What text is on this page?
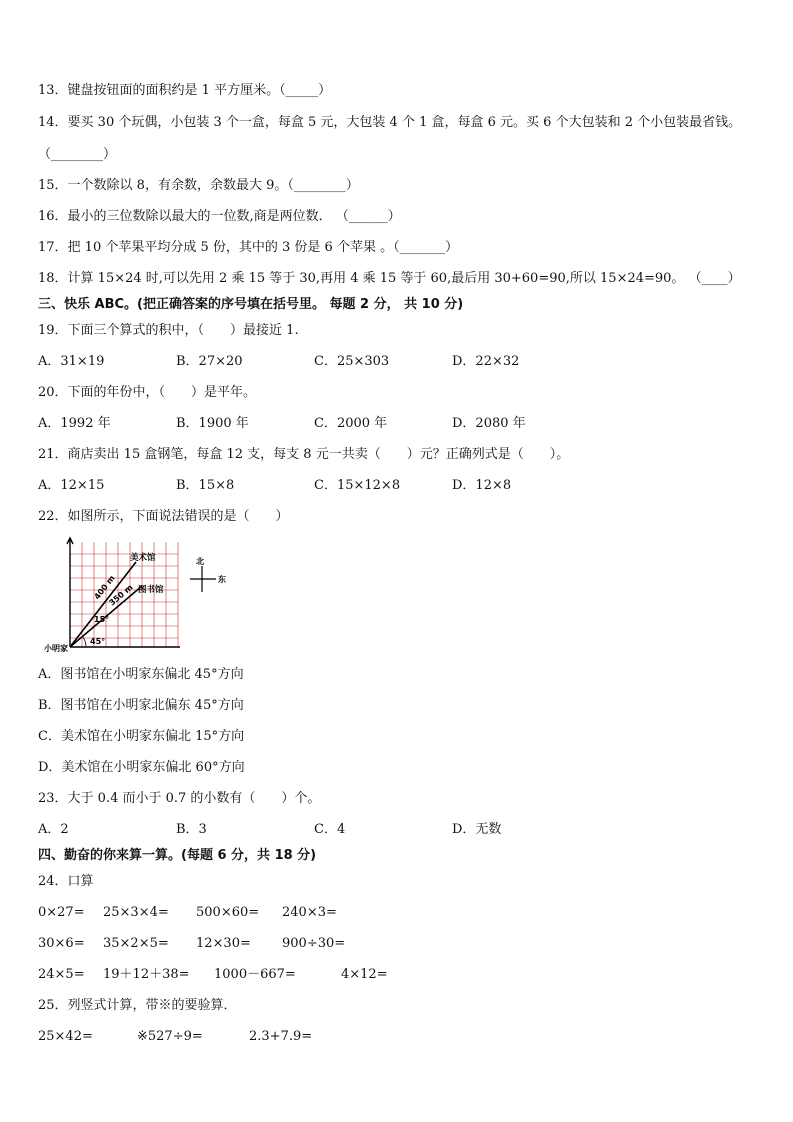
13．键盘按钮面的面积约是 1 平方厘米。（_____）
14．要买 30 个玩偶，小包装 3 个一盒，每盒 5 元，大包装 4 个 1 盒，每盒 6 元。买 6 个大包装和 2 个小包装最省钱。
（________）
15．一个数除以 8，有余数，余数最大 9。（________）
16．最小的三位数除以最大的一位数,商是两位数． （______）
17．把 10 个苹果平均分成 5 份，其中的 3 份是 6 个苹果 。（_______）
18．计算 15×24 时,可以先用 2 乘 15 等于 30,再用 4 乘 15 等于 60,最后用 30+60=90,所以 15×24=90。 （____）
三、快乐 ABC。(把正确答案的序号填在括号里。 每题 2 分， 共 10 分)
19．下面三个算式的积中，（　　）最接近 1.
A．31×19	B．27×20	C．25×303	D．22×32
20．下面的年份中，（　　）是平年。
A．1992 年	B．1900 年	C．2000 年	D．2080 年
21．商店卖出 15 盒钢笔，每盒 12 支，每支 8 元一共卖（　　）元？正确列式是（　　）。
A．12×15	B．15×8	C．15×12×8	D．12×8
22．如图所示，下面说法错误的是（　　）
美术馆
图书馆
小明家
400 m
350 m
15°
45°
北
东
A．图书馆在小明家东偏北 45°方向
B．图书馆在小明家北偏东 45°方向
C．美术馆在小明家东偏北 15°方向
D．美术馆在小明家东偏北 60°方向
23．大于 0.4 而小于 0.7 的小数有（　　）个。
A．2	B．3	C．4	D．无数
四、勤奋的你来算一算。(每题 6 分，共 18 分)
24．口算
0×27= 25×3×4= 500×60= 240×3=
30×6= 35×2×5= 12×30= 900÷30=
24×5= 19＋12＋38= 1000－667=	4×12=
25．列竖式计算，带※的要验算．
25×42=	※527÷9=	2.3+7.9=
